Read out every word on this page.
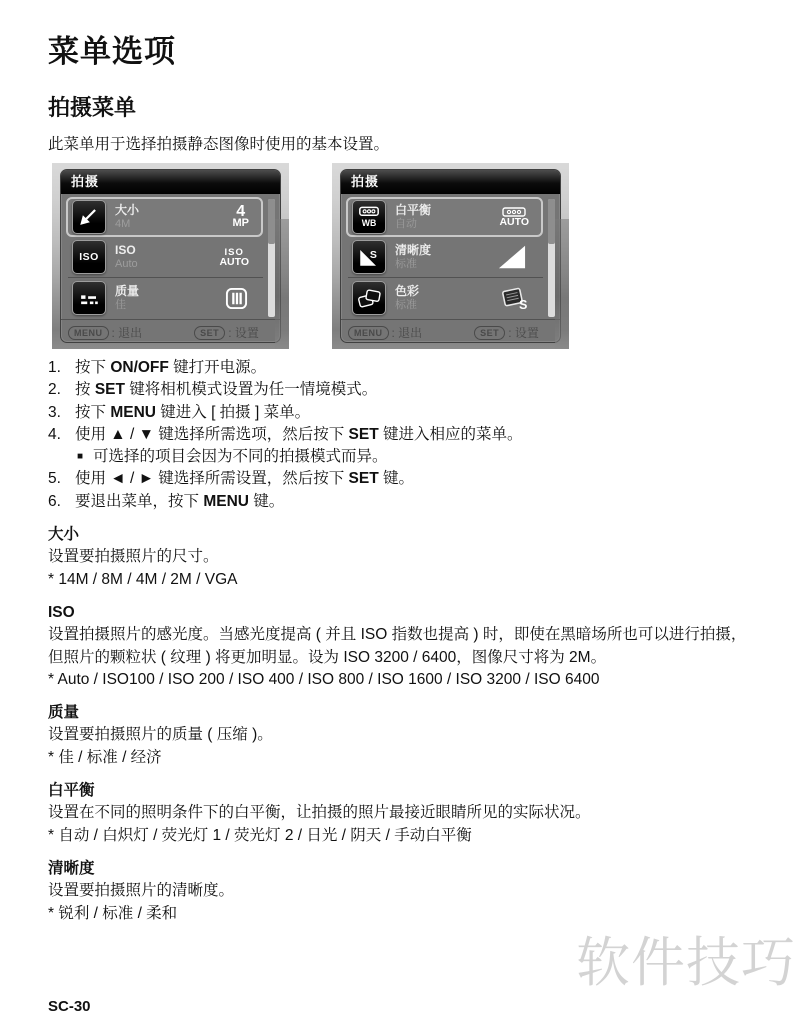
菜单选项
拍摄菜单

此菜单用于选择拍摄静态图像时使用的基本设置。

拍摄
大小
4M
4
MP
ISO
ISO
Auto
ISO
AUTO
质量
佳
MENU : 退出	SET : 设置
拍摄
WB
白平衡
自动	AUTO
S 清晰度
标准
色彩
标准	S
MENU : 退出	SET : 设置
1. 按下 ON/OFF 键打开电源。
2. 按 SET 键将相机模式设置为任一情境模式。
3. 按下 MENU 键进入 [ 拍摄 ] 菜单。
4. 使用 ▲ / ▼ 键选择所需选项，然后按下 SET 键进入相应的菜单。
■ 可选择的项目会因为不同的拍摄模式而异。
5. 使用 ◄ / ► 键选择所需设置，然后按下 SET 键。
6. 要退出菜单，按下 MENU 键。
大小

设置要拍摄照片的尺寸。

* 14M / 8M / 4M / 2M / VGA

ISO

设置拍摄照片的感光度。当感光度提高 ( 并且 ISO 指数也提高 ) 时，即使在黑暗场所也可以进行拍摄，但照片的颗粒状 ( 纹理 ) 将更加明显。设为 ISO 3200 / 6400，图像尺寸将为 2M。

* Auto / ISO100 / ISO 200 / ISO 400 / ISO 800 / ISO 1600 / ISO 3200 / ISO 6400

质量

设置要拍摄照片的质量 ( 压缩 )。

* 佳 / 标准 / 经济

白平衡

设置在不同的照明条件下的白平衡，让拍摄的照片最接近眼睛所见的实际状况。

* 自动 / 白炽灯 / 荧光灯 1 / 荧光灯 2 / 日光 / 阴天 / 手动白平衡

清晰度

设置要拍摄照片的清晰度。

* 锐利 / 标准 / 柔和

软件技巧
SC-30
